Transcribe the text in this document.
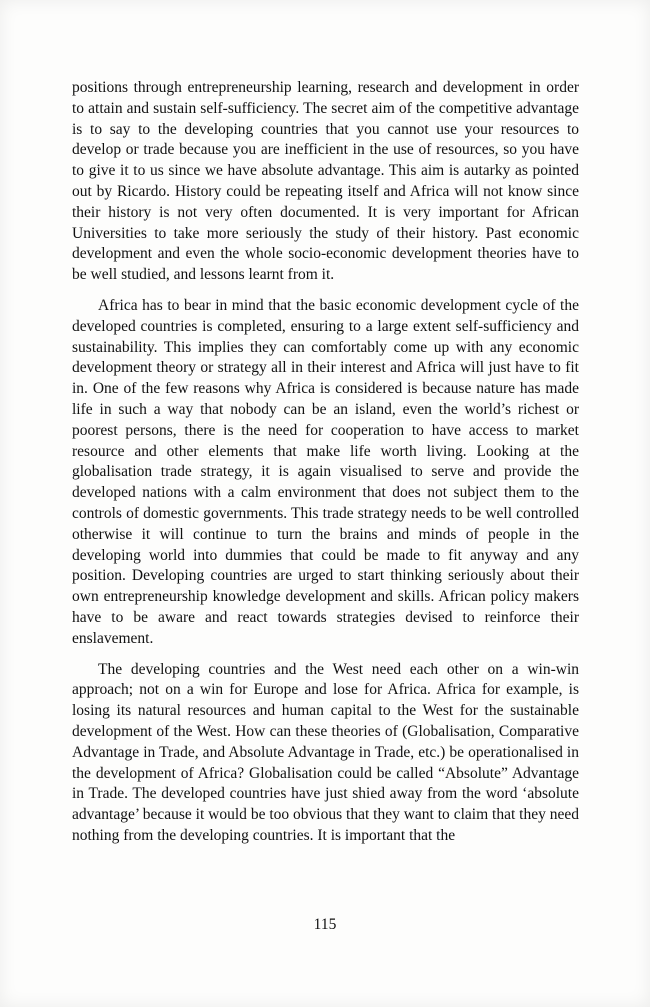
positions through entrepreneurship learning, research and development in order to attain and sustain self-sufficiency. The secret aim of the competitive advantage is to say to the developing countries that you cannot use your resources to develop or trade because you are inefficient in the use of resources, so you have to give it to us since we have absolute advantage. This aim is autarky as pointed out by Ricardo. History could be repeating itself and Africa will not know since their history is not very often documented. It is very important for African Universities to take more seriously the study of their history. Past economic development and even the whole socio-economic development theories have to be well studied, and lessons learnt from it.

Africa has to bear in mind that the basic economic development cycle of the developed countries is completed, ensuring to a large extent self-sufficiency and sustainability. This implies they can comfortably come up with any economic development theory or strategy all in their interest and Africa will just have to fit in. One of the few reasons why Africa is considered is because nature has made life in such a way that nobody can be an island, even the world’s richest or poorest persons, there is the need for cooperation to have access to market resource and other elements that make life worth living. Looking at the globalisation trade strategy, it is again visualised to serve and provide the developed nations with a calm environment that does not subject them to the controls of domestic governments. This trade strategy needs to be well controlled otherwise it will continue to turn the brains and minds of people in the developing world into dummies that could be made to fit anyway and any position. Developing countries are urged to start thinking seriously about their own entrepreneurship knowledge development and skills. African policy makers have to be aware and react towards strategies devised to reinforce their enslavement.

The developing countries and the West need each other on a win-win approach; not on a win for Europe and lose for Africa. Africa for example, is losing its natural resources and human capital to the West for the sustainable development of the West. How can these theories of (Globalisation, Comparative Advantage in Trade, and Absolute Advantage in Trade, etc.) be operationalised in the development of Africa? Globalisation could be called “Absolute” Advantage in Trade. The developed countries have just shied away from the word ‘absolute advantage’ because it would be too obvious that they want to claim that they need nothing from the developing countries. It is important that the

115
